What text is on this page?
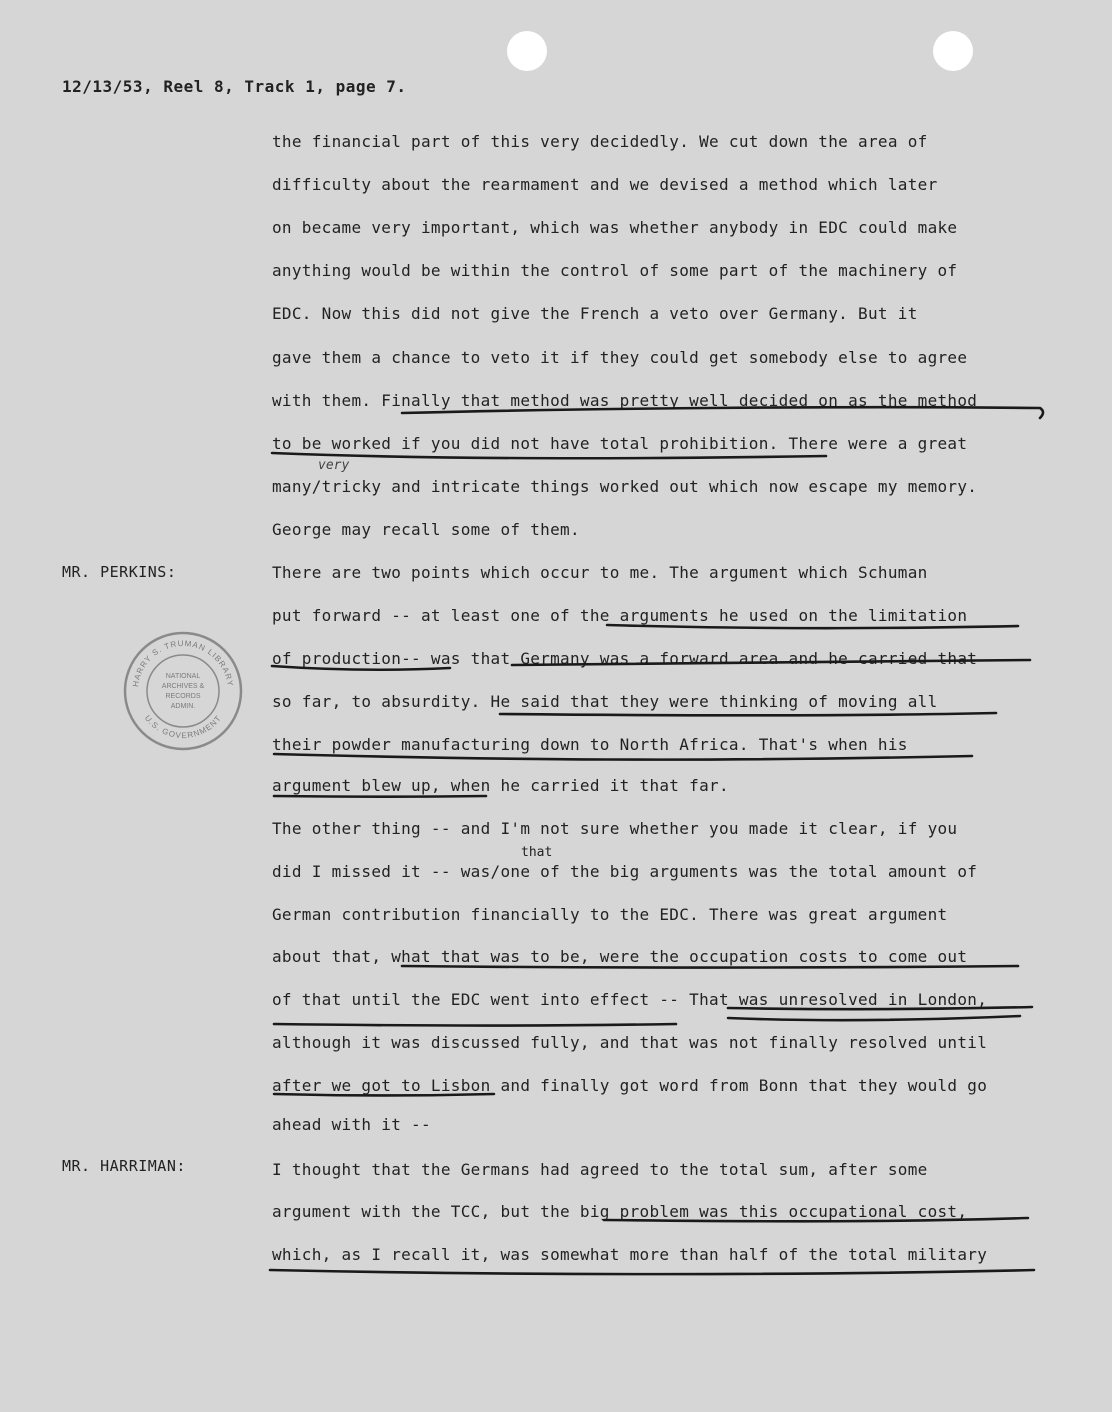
12/13/53, Reel 8, Track 1, page 7.
MR. PERKINS:
MR. HARRIMAN:
the financial part of this very decidedly. We cut down the area of
difficulty about the rearmament and we devised a method which later
on became very important, which was whether anybody in EDC could make
anything would be within the control of some part of the machinery of
EDC. Now this did not give the French a veto over Germany. But it
gave them a chance to veto it if they could get somebody else to agree
with them. Finally that method was pretty well decided on as the method
to be worked if you did not have total prohibition. There were a great
many/tricky and intricate things worked out which now escape my memory.
George may recall some of them.
There are two points which occur to me. The argument which Schuman
put forward -- at least one of the arguments he used on the limitation
of production-- was that Germany was a forward area and he carried that
so far, to absurdity. He said that they were thinking of moving all
their powder manufacturing down to North Africa. That's when his
argument blew up, when he carried it that far.
The other thing -- and I'm not sure whether you made it clear, if you
did I missed it -- was/one of the big arguments was the total amount of
German contribution financially to the EDC. There was great argument
about that, what that was to be, were the occupation costs to come out
of that until the EDC went into effect -- That was unresolved in London,
although it was discussed fully, and that was not finally resolved until
after we got to Lisbon and finally got word from Bonn that they would go
ahead with it --
I thought that the Germans had agreed to the total sum, after some
argument with the TCC, but the big problem was this occupational cost,
which, as I recall it, was somewhat more than half of the total military
very
that
HARRY S. TRUMAN LIBRARY
U.S. GOVERNMENT
NATIONAL
ARCHIVES &
RECORDS
ADMIN.
